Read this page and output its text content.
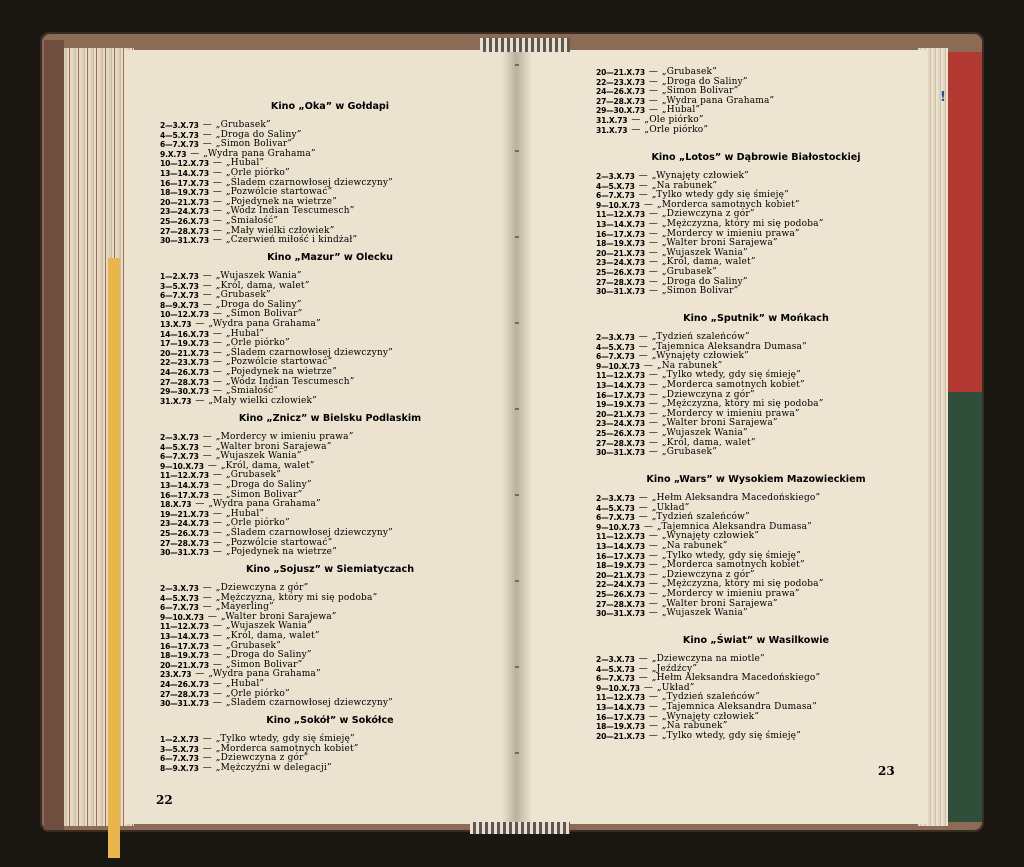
!
Kino „Oka” w Gołdapi
2—3.X.73 — „Grubasek”
4—5.X.73 — „Droga do Saliny”
6—7.X.73 — „Simon Bolivar”
9.X.73 — „Wydra pana Grahama”
10—12.X.73 — „Hubal”
13—14.X.73 — „Orle piórko”
16—17.X.73 — „Śladem czarnowłosej dziewczyny”
18—19.X.73 — „Pozwólcie startować”
20—21.X.73 — „Pojedynek na wietrze”
23—24.X.73 — „Wódz Indian Tescumesch”
25—26.X.73 — „Śmiałość”
27—28.X.73 — „Mały wielki człowiek”
30—31.X.73 — „Czerwień miłość i kindżał”
Kino „Mazur” w Olecku
1—2.X.73 — „Wujaszek Wania”
3—5.X.73 — „Król, dama, walet”
6—7.X.73 — „Grubasek”
8—9.X.73 — „Droga do Saliny”
10—12.X.73 — „Simon Bolivar”
13.X.73 — „Wydra pana Grahama”
14—16.X.73 — „Hubal”
17—19.X.73 — „Orle piórko”
20—21.X.73 — „Śladem czarnowłosej dziewczyny”
22—23.X.73 — „Pozwólcie startować”
24—26.X.73 — „Pojedynek na wietrze”
27—28.X.73 — „Wódz Indian Tescumesch”
29—30.X.73 — „Śmiałość”
31.X.73 — „Mały wielki człowiek”
Kino „Znicz” w Bielsku Podlaskim
2—3.X.73 — „Mordercy w imieniu prawa”
4—5.X.73 — „Walter broni Sarajewa”
6—7.X.73 — „Wujaszek Wania”
9—10.X.73 — „Król, dama, walet”
11—12.X.73 — „Grubasek”
13—14.X.73 — „Droga do Saliny”
16—17.X.73 — „Simon Bolivar”
18.X.73 — „Wydra pana Grahama”
19—21.X.73 — „Hubal”
23—24.X.73 — „Orle piórko”
25—26.X.73 — „Śladem czarnowłosej dziewczyny”
27—28.X.73 — „Pozwólcie startować”
30—31.X.73 — „Pojedynek na wietrze”
Kino „Sojusz” w Siemiatyczach
2—3.X.73 — „Dziewczyna z gór”
4—5.X.73 — „Mężczyzna, który mi się podoba”
6—7.X.73 — „Mayerling”
9—10.X.73 — „Walter broni Sarajewa”
11—12.X.73 — „Wujaszek Wania”
13—14.X.73 — „Król, dama, walet”
16—17.X.73 — „Grubasek”
18—19.X.73 — „Droga do Saliny”
20—21.X.73 — „Simon Bolivar”
23.X.73 — „Wydra pana Grahama”
24—26.X.73 — „Hubal”
27—28.X.73 — „Orle piórko”
30—31.X.73 — „Śladem czarnowłosej dziewczyny”
Kino „Sokół” w Sokółce
1—2.X.73 — „Tylko wtedy, gdy się śmieję”
3—5.X.73 — „Morderca samotnych kobiet”
6—7.X.73 — „Dziewczyna z gór”
8—9.X.73 — „Mężczyźni w delegacji”
22
20—21.X.73 — „Grubasek”
22—23.X.73 — „Droga do Saliny”
24—26.X.73 — „Simon Bolivar”
27—28.X.73 — „Wydra pana Grahama”
29—30.X.73 — „Hubal”
31.X.73 — „Ole piórko”
31.X.73 — „Orle piórko”
Kino „Lotos” w Dąbrowie Białostockiej
2—3.X.73 — „Wynajęty człowiek”
4—5.X.73 — „Na rabunek”
6—7.X.73 — „Tylko wtedy gdy się śmieję”
9—10.X.73 — „Morderca samotnych kobiet”
11—12.X.73 — „Dziewczyna z gór”
13—14.X.73 — „Mężczyzna, który mi się podoba”
16—17.X.73 — „Mordercy w imieniu prawa”
18—19.X.73 — „Walter broni Sarajewa”
20—21.X.73 — „Wujaszek Wania”
23—24.X.73 — „Król, dama, walet”
25—26.X.73 — „Grubasek”
27—28.X.73 — „Droga do Saliny”
30—31.X.73 — „Simon Bolivar”
Kino „Sputnik” w Mońkach
2—3.X.73 — „Tydzień szaleńców”
4—5.X.73 — „Tajemnica Aleksandra Dumasa”
6—7.X.73 — „Wynajęty człowiek”
9—10.X.73 — „Na rabunek”
11—12.X.73 — „Tylko wtedy, gdy się śmieję”
13—14.X.73 — „Morderca samotnych kobiet”
16—17.X.73 — „Dziewczyna z gór”
19—19.X.73 — „Mężczyzna, który mi się podoba”
20—21.X.73 — „Mordercy w imieniu prawa”
23—24.X.73 — „Walter broni Sarajewa”
25—26.X.73 — „Wujaszek Wania”
27—28.X.73 — „Król, dama, walet”
30—31.X.73 — „Grubasek”
Kino „Wars” w Wysokiem Mazowieckiem
2—3.X.73 — „Hełm Aleksandra Macedońskiego”
4—5.X.73 — „Układ”
6—7.X.73 — „Tydzień szaleńców”
9—10.X.73 — „Tajemnica Aleksandra Dumasa”
11—12.X.73 — „Wynajęty człowiek”
13—14.X.73 — „Na rabunek”
16—17.X.73 — „Tylko wtedy, gdy się śmieję”
18—19.X.73 — „Morderca samotnych kobiet”
20—21.X.73 — „Dziewczyna z gór”
22—24.X.73 — „Mężczyzna, który mi się podoba”
25—26.X.73 — „Mordercy w imieniu prawa”
27—28.X.73 — „Walter broni Sarajewa”
30—31.X.73 — „Wujaszek Wania”
Kino „Świat” w Wasilkowie
2—3.X.73 — „Dziewczyna na miotle”
4—5.X.73 — „Jeźdźcy”
6—7.X.73 — „Hełm Aleksandra Macedońskiego”
9—10.X.73 — „Układ”
11—12.X.73 — „Tydzień szaleńców”
13—14.X.73 — „Tajemnica Aleksandra Dumasa”
16—17.X.73 — „Wynajęty człowiek”
18—19.X.73 — „Na rabunek”
20—21.X.73 — „Tylko wtedy, gdy się śmieję”
23
